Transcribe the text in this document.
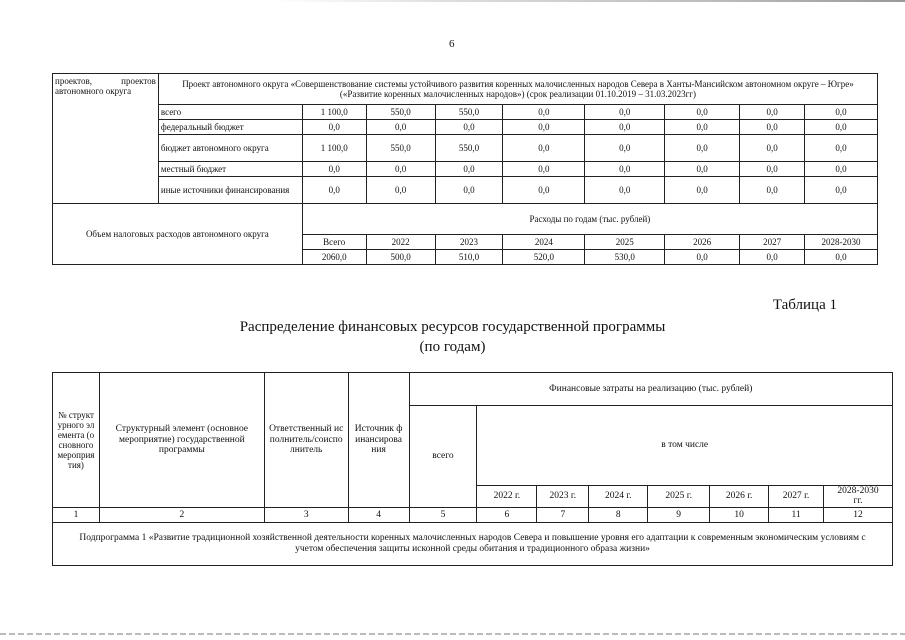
6
проектов, проектов автономного округа	Проект автономного округа «Совершенствование системы устойчивого развития коренных малочисленных народов Севера в Ханты-Мансийском автономном округе – Югре» («Развитие коренных малочисленных народов») (срок реализации 01.10.2019 – 31.03.2023гг)								
	всего	1 100,0	550,0	550,0	0,0	0,0	0,0	0,0	0,0
	федеральный бюджет	0,0	0,0	0,0	0,0	0,0	0,0	0,0	0,0
	бюджет автономного округа	1 100,0	550,0	550,0	0,0	0,0	0,0	0,0	0,0
	местный бюджет	0,0	0,0	0,0	0,0	0,0	0,0	0,0	0,0
	иные источники финансирования	0,0	0,0	0,0	0,0	0,0	0,0	0,0	0,0
Объем налоговых расходов автономного округа		Расходы по годам (тыс. рублей)							
		Всего	2022	2023	2024	2025	2026	2027	2028-2030
		2060,0	500,0	510,0	520,0	530,0	0,0	0,0	0,0
Таблица 1
Распределение финансовых ресурсов государственной программы
(по годам)
№ структурного элемента (основного мероприятия)	Структурный элемент (основное мероприятие) государственной программы	Ответственный исполнитель/соисполнитель	Источник финансирования	Финансовые затраты на реализацию (тыс. рублей)							
				всего	в том числе						
					2022 г.	2023 г.	2024 г.	2025 г.	2026 г.	2027 г.	2028-2030 гг.
1	2	3	4	5	6	7	8	9	10	11	12
Подпрограмма 1 «Развитие традиционной хозяйственной деятельности коренных малочисленных народов Севера и повышение уровня его адаптации к современным экономическим условиям с учетом обеспечения защиты исконной среды обитания и традиционного образа жизни»											
